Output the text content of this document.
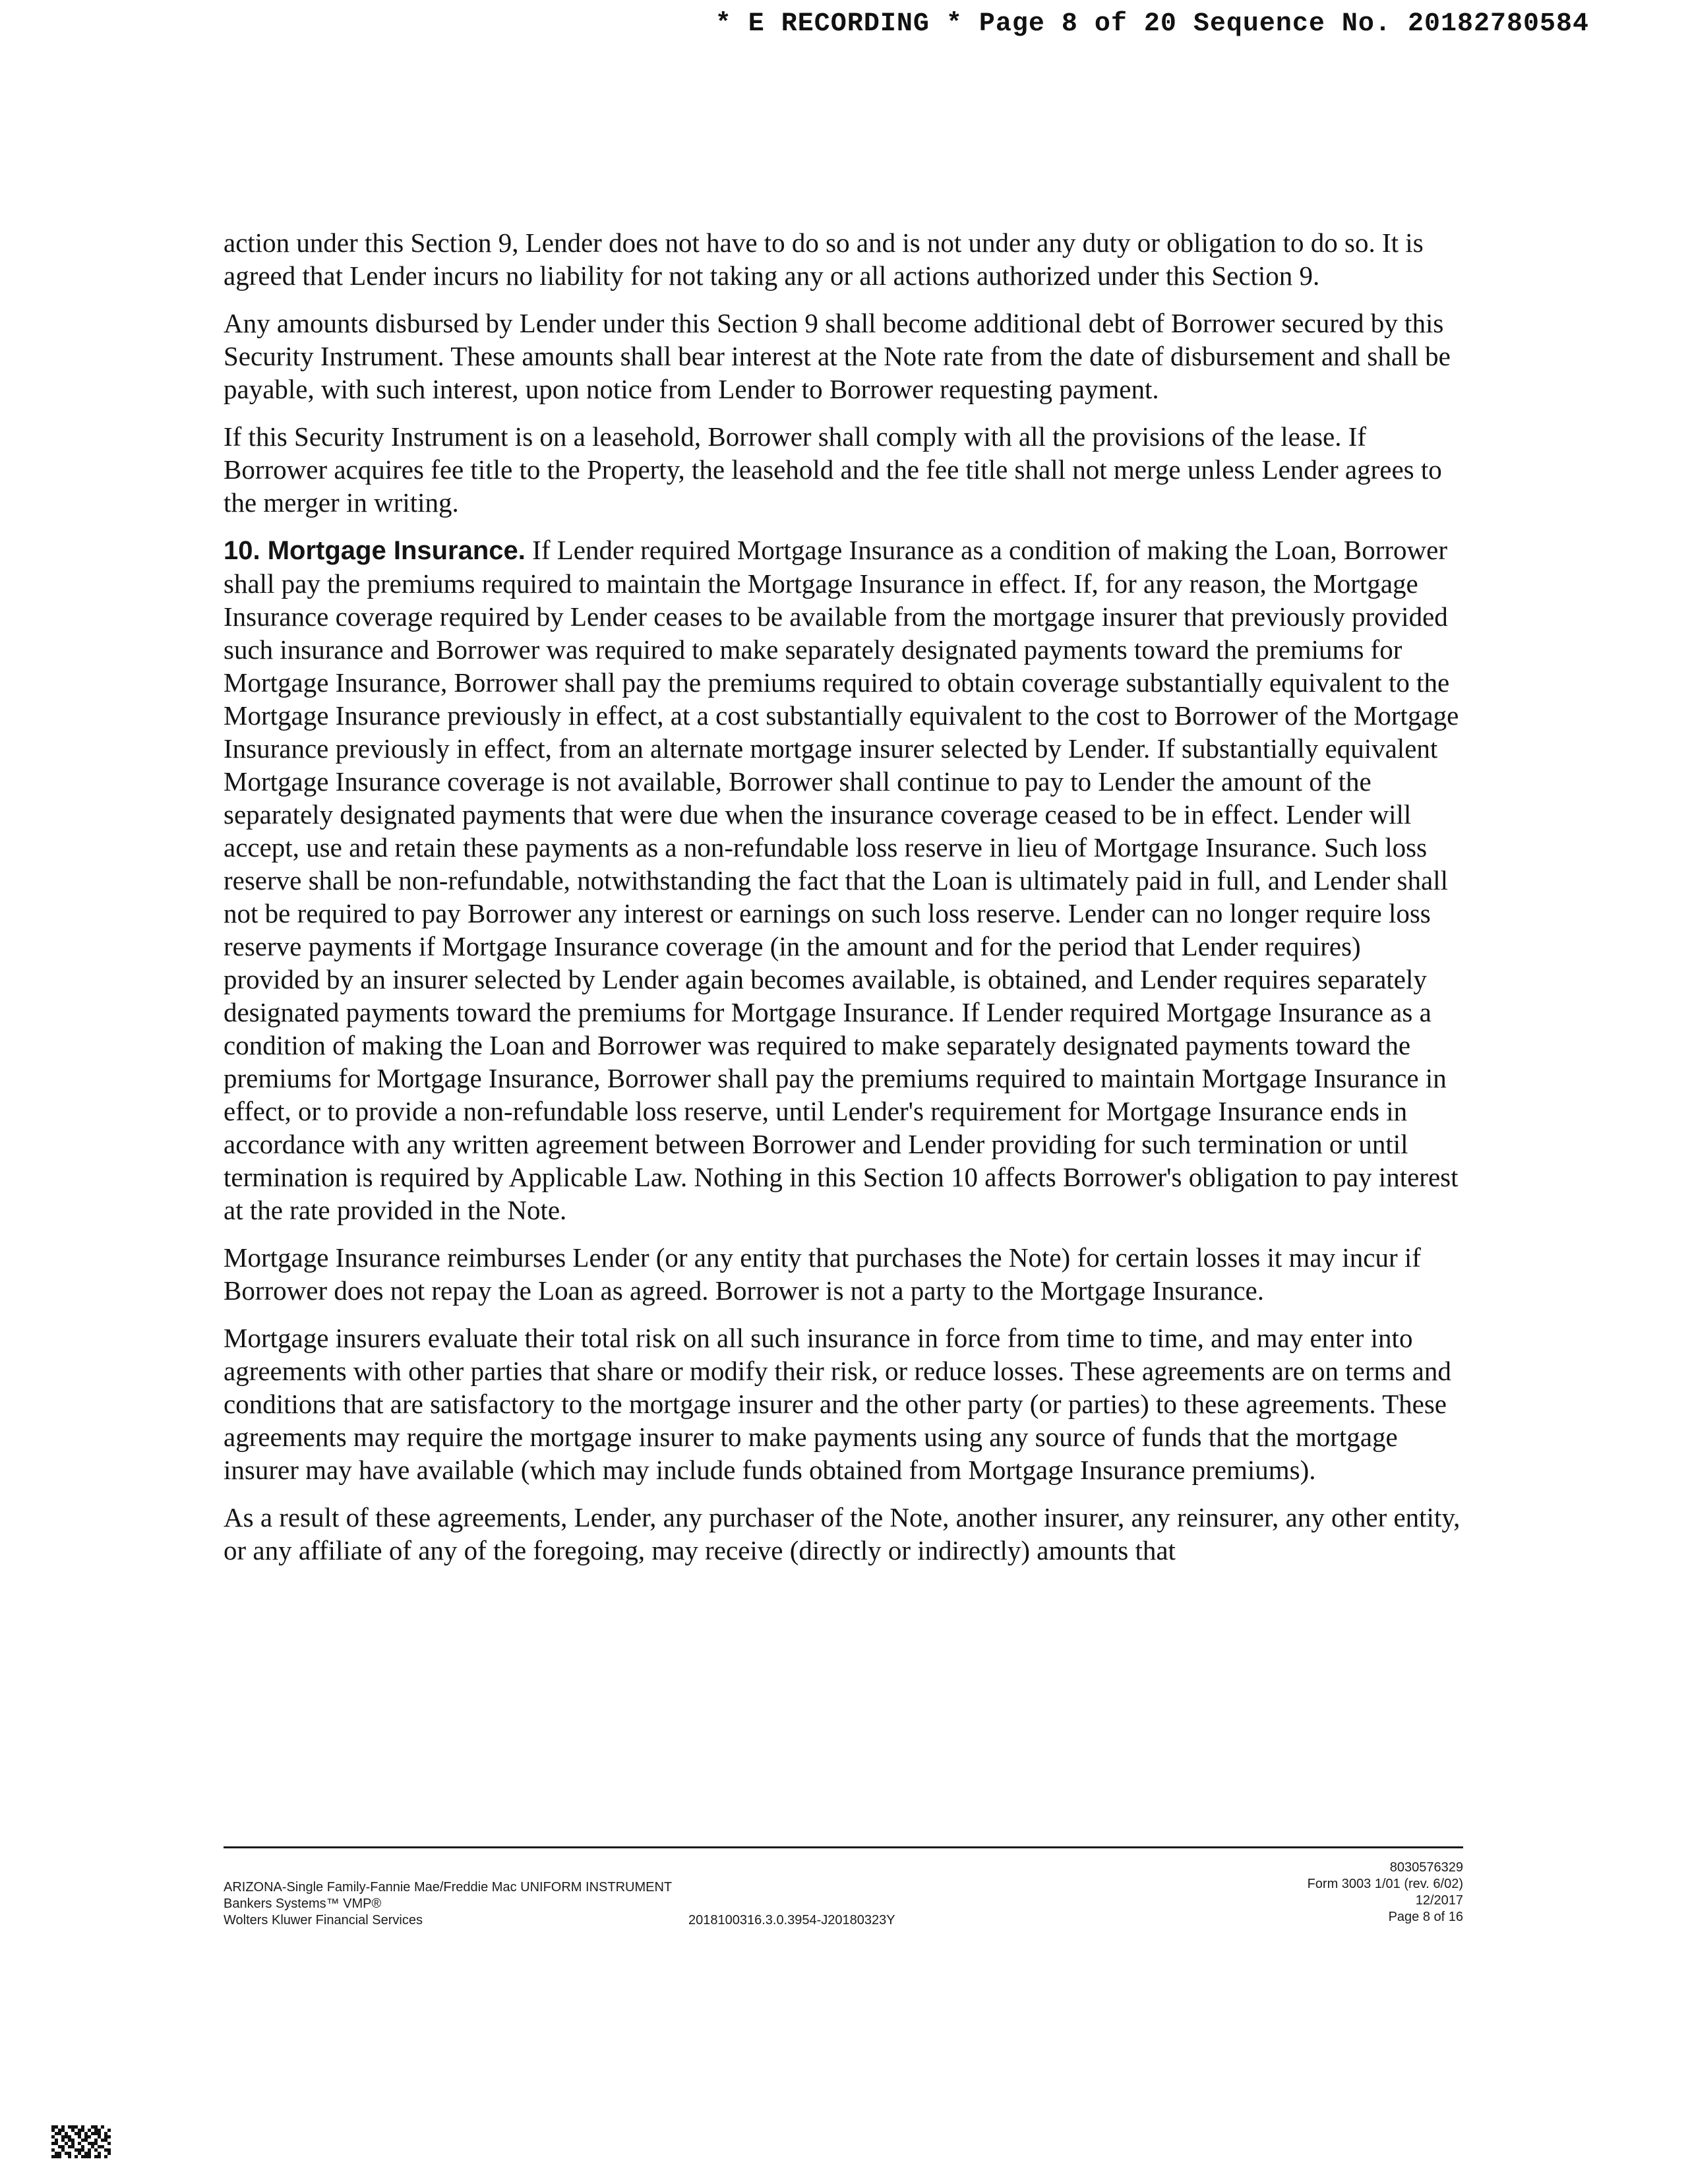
* E RECORDING * Page 8 of 20 Sequence No. 20182780584

action under this Section 9, Lender does not have to do so and is not under any duty or obligation to do so. It is agreed that Lender incurs no liability for not taking any or all actions authorized under this Section 9.

Any amounts disbursed by Lender under this Section 9 shall become additional debt of Borrower secured by this Security Instrument. These amounts shall bear interest at the Note rate from the date of disbursement and shall be payable, with such interest, upon notice from Lender to Borrower requesting payment.

If this Security Instrument is on a leasehold, Borrower shall comply with all the provisions of the lease. If Borrower acquires fee title to the Property, the leasehold and the fee title shall not merge unless Lender agrees to the merger in writing.

10. Mortgage Insurance. If Lender required Mortgage Insurance as a condition of making the Loan, Borrower shall pay the premiums required to maintain the Mortgage Insurance in effect. If, for any reason, the Mortgage Insurance coverage required by Lender ceases to be available from the mortgage insurer that previously provided such insurance and Borrower was required to make separately designated payments toward the premiums for Mortgage Insurance, Borrower shall pay the premiums required to obtain coverage substantially equivalent to the Mortgage Insurance previously in effect, at a cost substantially equivalent to the cost to Borrower of the Mortgage Insurance previously in effect, from an alternate mortgage insurer selected by Lender. If substantially equivalent Mortgage Insurance coverage is not available, Borrower shall continue to pay to Lender the amount of the separately designated payments that were due when the insurance coverage ceased to be in effect. Lender will accept, use and retain these payments as a non-refundable loss reserve in lieu of Mortgage Insurance. Such loss reserve shall be non-refundable, notwithstanding the fact that the Loan is ultimately paid in full, and Lender shall not be required to pay Borrower any interest or earnings on such loss reserve. Lender can no longer require loss reserve payments if Mortgage Insurance coverage (in the amount and for the period that Lender requires) provided by an insurer selected by Lender again becomes available, is obtained, and Lender requires separately designated payments toward the premiums for Mortgage Insurance. If Lender required Mortgage Insurance as a condition of making the Loan and Borrower was required to make separately designated payments toward the premiums for Mortgage Insurance, Borrower shall pay the premiums required to maintain Mortgage Insurance in effect, or to provide a non-refundable loss reserve, until Lender's requirement for Mortgage Insurance ends in accordance with any written agreement between Borrower and Lender providing for such termination or until termination is required by Applicable Law. Nothing in this Section 10 affects Borrower's obligation to pay interest at the rate provided in the Note.

Mortgage Insurance reimburses Lender (or any entity that purchases the Note) for certain losses it may incur if Borrower does not repay the Loan as agreed. Borrower is not a party to the Mortgage Insurance.

Mortgage insurers evaluate their total risk on all such insurance in force from time to time, and may enter into agreements with other parties that share or modify their risk, or reduce losses. These agreements are on terms and conditions that are satisfactory to the mortgage insurer and the other party (or parties) to these agreements. These agreements may require the mortgage insurer to make payments using any source of funds that the mortgage insurer may have available (which may include funds obtained from Mortgage Insurance premiums).

As a result of these agreements, Lender, any purchaser of the Note, another insurer, any reinsurer, any other entity, or any affiliate of any of the foregoing, may receive (directly or indirectly) amounts that

ARIZONA-Single Family-Fannie Mae/Freddie Mac UNIFORM INSTRUMENT
Bankers Systems™ VMP®
Wolters Kluwer Financial Services	2018100316.3.0.3954-J20180323Y
8030576329
Form 3003 1/01 (rev. 6/02)
12/2017
Page 8 of 16
